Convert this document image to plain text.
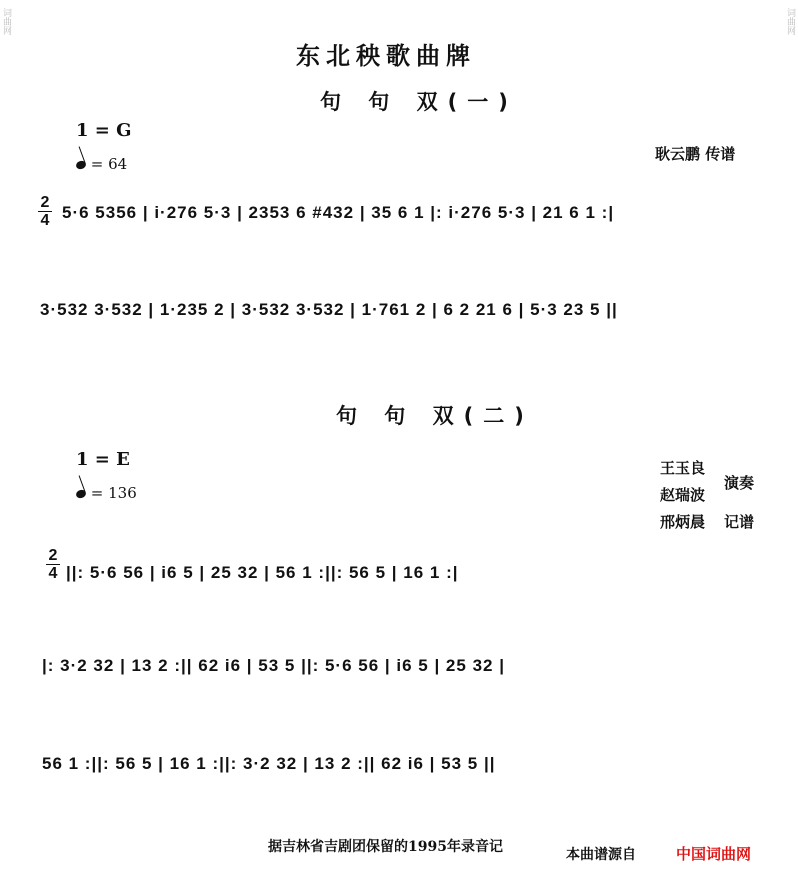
词曲网	词曲网
东北秧歌曲牌
句 句 双(一)
1 = G
= 64
耿云鹏 传谱
2
4 5·6 5356 | i·276 5·3 | 2353 6 #432 | 35 6 1 |: i·276 5·3 | 21 6 1 :|
3·532 3·532 | 1·235 2 | 3·532 3·532 | 1·761 2 | 6 2 21 6 | 5·3 23 5 ||
句 句 双(二)
1 = E
= 136
王玉良
赵瑞波
演奏
邢炳晨 记谱
2
4 ||: 5·6 56 | i6 5 | 25 32 | 56 1 :||: 56 5 | 16 1 :|
|: 3·2 32 | 13 2 :|| 62 i6 | 53 5 ||: 5·6 56 | i6 5 | 25 32 |
56 1 :||: 56 5 | 16 1 :||: 3·2 32 | 13 2 :|| 62 i6 | 53 5 ||
据吉林省吉剧团保留的1995年录音记	本曲谱源自	中国词曲网
